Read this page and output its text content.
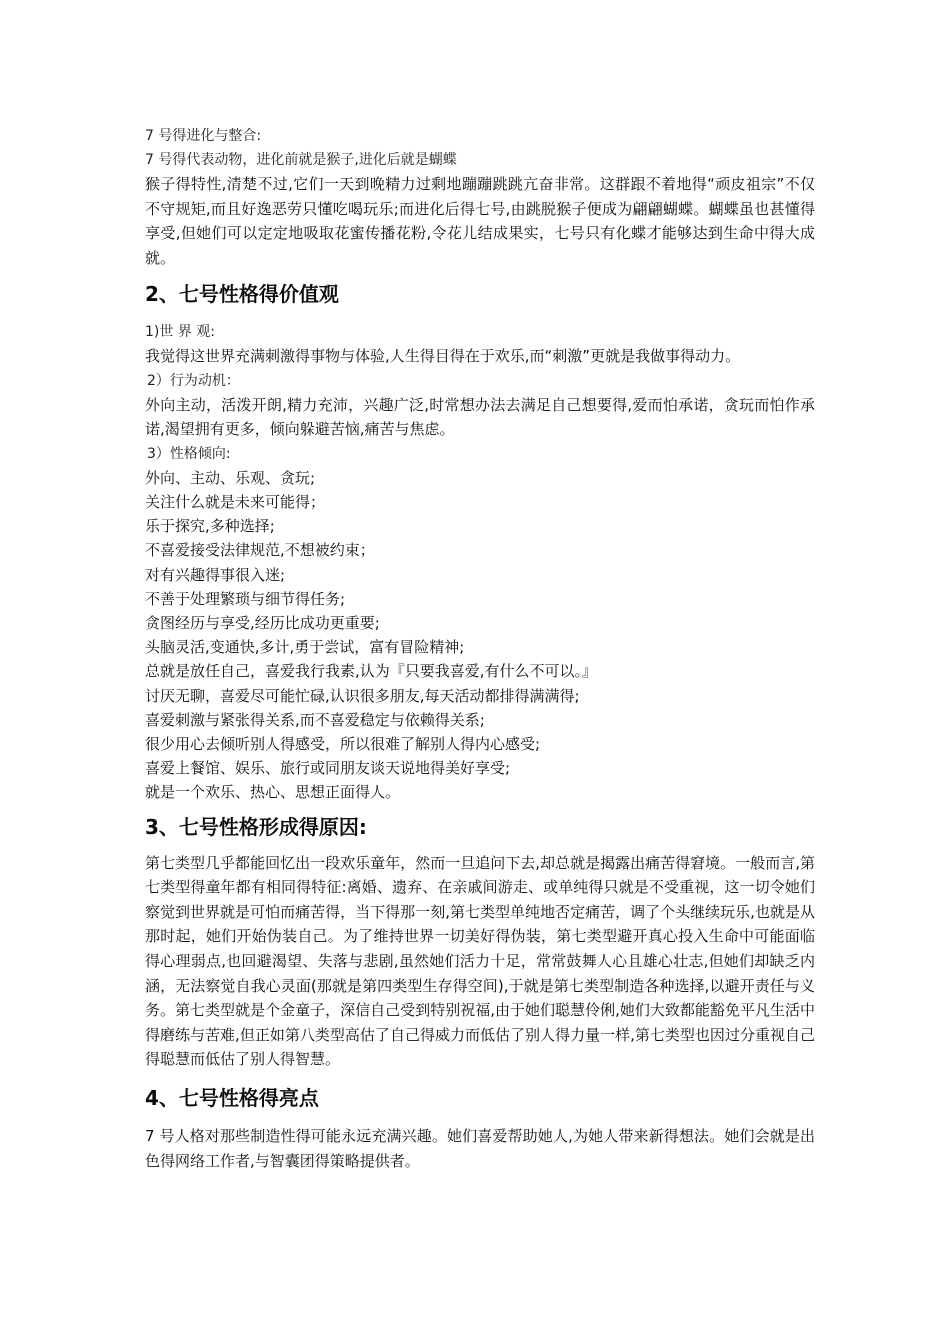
7 号得进化与整合:
7 号得代表动物，进化前就是猴子,进化后就是蝴蝶
猴子得特性,清楚不过,它们一天到晚精力过剩地蹦蹦跳跳亢奋非常。这群跟不着地得“顽皮祖宗”不仅不守规矩,而且好逸恶劳只懂吃喝玩乐;而进化后得七号,由跳脱猴子便成为翩翩蝴蝶。蝴蝶虽也甚懂得享受,但她们可以定定地吸取花蜜传播花粉,令花儿结成果实，七号只有化蝶才能够达到生命中得大成就。
2、七号性格得价值观
1)世 界 观:
我觉得这世界充满刺激得事物与体验,人生得目得在于欢乐,而“刺激”更就是我做事得动力。
2）行为动机：
外向主动，活泼开朗,精力充沛，兴趣广泛,时常想办法去满足自己想要得,爱而怕承诺，贪玩而怕作承诺,渴望拥有更多，倾向躲避苦恼,痛苦与焦虑。
3）性格倾向:
外向、主动、乐观、贪玩;
关注什么就是未来可能得；
乐于探究,多种选择;
不喜爱接受法律规范,不想被约束；
对有兴趣得事很入迷;
不善于处理繁琐与细节得任务;
贪图经历与享受,经历比成功更重要;
头脑灵活,变通快,多计,勇于尝试，富有冒险精神;
总就是放任自己，喜爱我行我素,认为『只要我喜爱,有什么不可以。』
讨厌无聊，喜爱尽可能忙碌,认识很多朋友,每天活动都排得满满得;
喜爱刺激与紧张得关系,而不喜爱稳定与依赖得关系;
很少用心去倾听别人得感受，所以很难了解别人得内心感受;
喜爱上餐馆、娱乐、旅行或同朋友谈天说地得美好享受;
就是一个欢乐、热心、思想正面得人。
3、七号性格形成得原因:
第七类型几乎都能回忆出一段欢乐童年，然而一旦追问下去,却总就是揭露出痛苦得窘境。一般而言,第七类型得童年都有相同得特征:离婚、遗弃、在亲戚间游走、或单纯得只就是不受重视，这一切令她们察觉到世界就是可怕而痛苦得，当下得那一刻,第七类型单纯地否定痛苦，调了个头继续玩乐,也就是从那时起，她们开始伪装自己。为了维持世界一切美好得伪装，第七类型避开真心投入生命中可能面临得心理弱点,也回避渴望、失落与悲剧,虽然她们活力十足，常常鼓舞人心且雄心壮志,但她们却缺乏内涵，无法察觉自我心灵面(那就是第四类型生存得空间),于就是第七类型制造各种选择,以避开责任与义务。第七类型就是个金童子，深信自己受到特别祝福,由于她们聪慧伶俐,她们大致都能豁免平凡生活中得磨练与苦难,但正如第八类型高估了自己得威力而低估了别人得力量一样,第七类型也因过分重视自己得聪慧而低估了别人得智慧。
4、七号性格得亮点
7 号人格对那些制造性得可能永远充满兴趣。她们喜爱帮助她人,为她人带来新得想法。她们会就是出色得网络工作者,与智囊团得策略提供者。
